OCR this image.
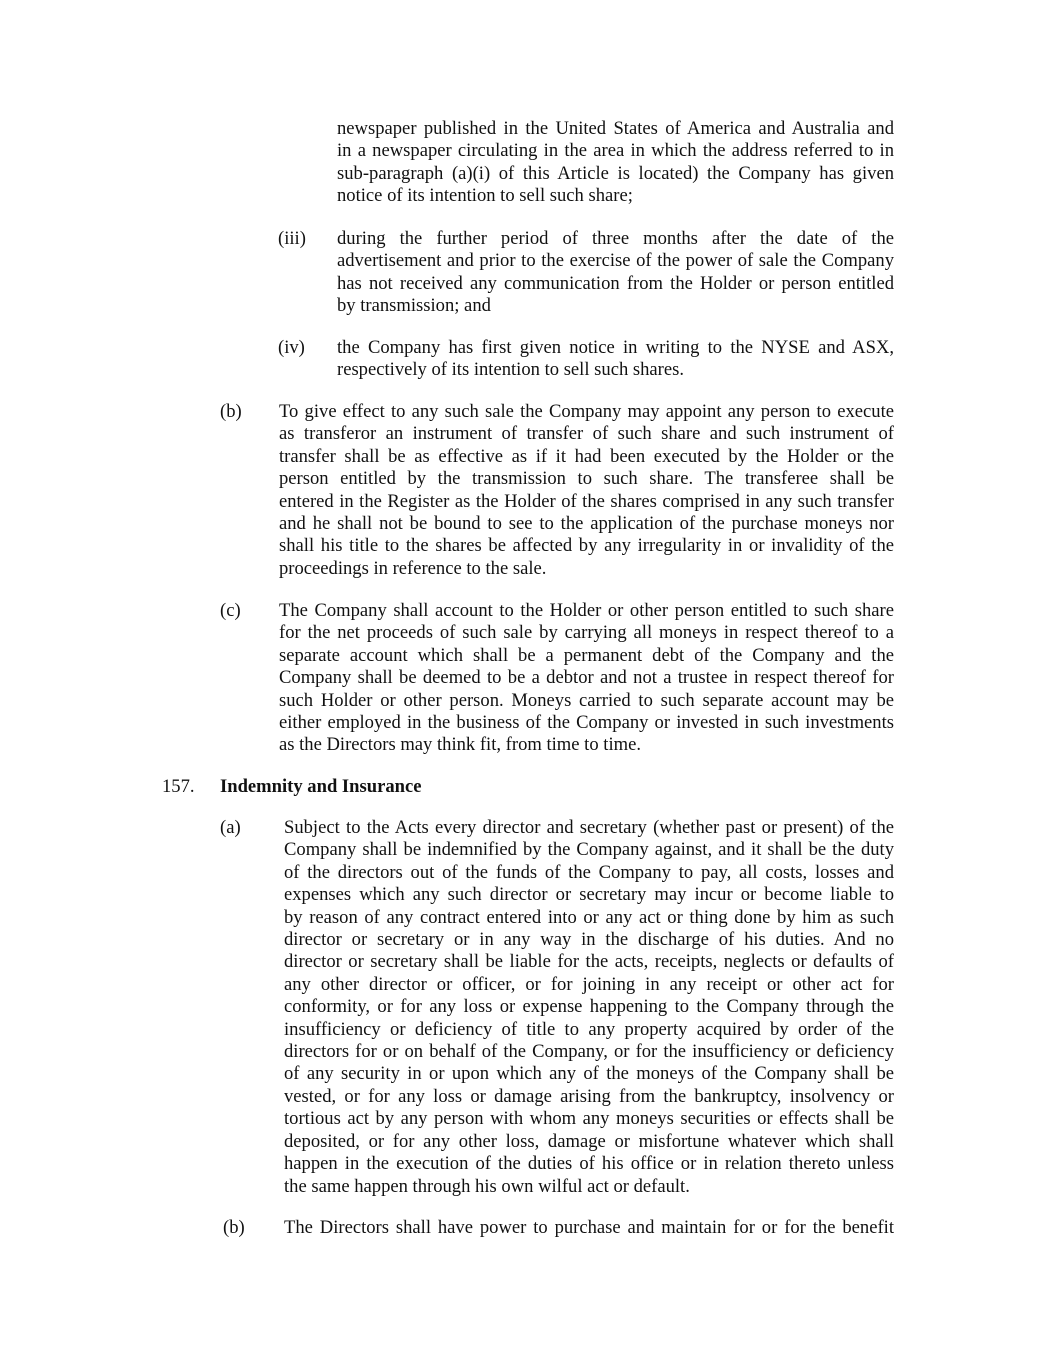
newspaper published in the United States of America and Australia and
in a newspaper circulating in the area in which the address referred to in
sub-paragraph (a)(i) of this Article is located) the Company has given
notice of its intention to sell such share;
(iii) during the further period of three months after the date of the
advertisement and prior to the exercise of the power of sale the Company
has not received any communication from the Holder or person entitled
by transmission; and
(iv) the Company has first given notice in writing to the NYSE and ASX,
respectively of its intention to sell such shares.
(b) To give effect to any such sale the Company may appoint any person to execute
as transferor an instrument of transfer of such share and such instrument of
transfer shall be as effective as if it had been executed by the Holder or the
person entitled by the transmission to such share. The transferee shall be
entered in the Register as the Holder of the shares comprised in any such transfer
and he shall not be bound to see to the application of the purchase moneys nor
shall his title to the shares be affected by any irregularity in or invalidity of the
proceedings in reference to the sale.
(c) The Company shall account to the Holder or other person entitled to such share
for the net proceeds of such sale by carrying all moneys in respect thereof to a
separate account which shall be a permanent debt of the Company and the
Company shall be deemed to be a debtor and not a trustee in respect thereof for
such Holder or other person. Moneys carried to such separate account may be
either employed in the business of the Company or invested in such investments
as the Directors may think fit, from time to time.
157. Indemnity and Insurance
(a) Subject to the Acts every director and secretary (whether past or present) of the
Company shall be indemnified by the Company against, and it shall be the duty
of the directors out of the funds of the Company to pay, all costs, losses and
expenses which any such director or secretary may incur or become liable to
by reason of any contract entered into or any act or thing done by him as such
director or secretary or in any way in the discharge of his duties. And no
director or secretary shall be liable for the acts, receipts, neglects or defaults of
any other director or officer, or for joining in any receipt or other act for
conformity, or for any loss or expense happening to the Company through the
insufficiency or deficiency of title to any property acquired by order of the
directors for or on behalf of the Company, or for the insufficiency or deficiency
of any security in or upon which any of the moneys of the Company shall be
vested, or for any loss or damage arising from the bankruptcy, insolvency or
tortious act by any person with whom any moneys securities or effects shall be
deposited, or for any other loss, damage or misfortune whatever which shall
happen in the execution of the duties of his office or in relation thereto unless
the same happen through his own wilful act or default.
(b) The Directors shall have power to purchase and maintain for or for the benefit
